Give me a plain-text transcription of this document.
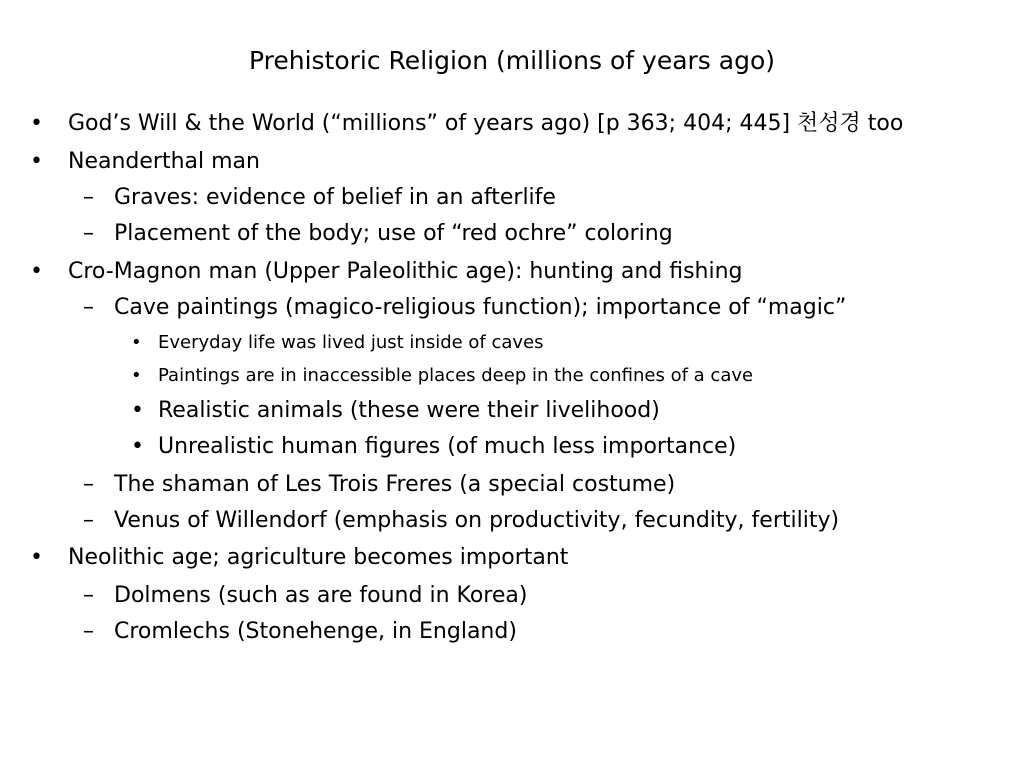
Prehistoric Religion (millions of years ago)
• God’s Will & the World (“millions” of years ago) [p 363; 404; 445] 천성경 too
• Neanderthal man
– Graves: evidence of belief in an afterlife
– Placement of the body; use of “red ochre” coloring
• Cro-Magnon man (Upper Paleolithic age): hunting and fishing
– Cave paintings (magico-religious function); importance of “magic”
• Everyday life was lived just inside of caves
• Paintings are in inaccessible places deep in the confines of a cave
• Realistic animals (these were their livelihood)
• Unrealistic human figures (of much less importance)
– The shaman of Les Trois Freres (a special costume)
– Venus of Willendorf (emphasis on productivity, fecundity, fertility)
• Neolithic age; agriculture becomes important
– Dolmens (such as are found in Korea)
– Cromlechs (Stonehenge, in England)
